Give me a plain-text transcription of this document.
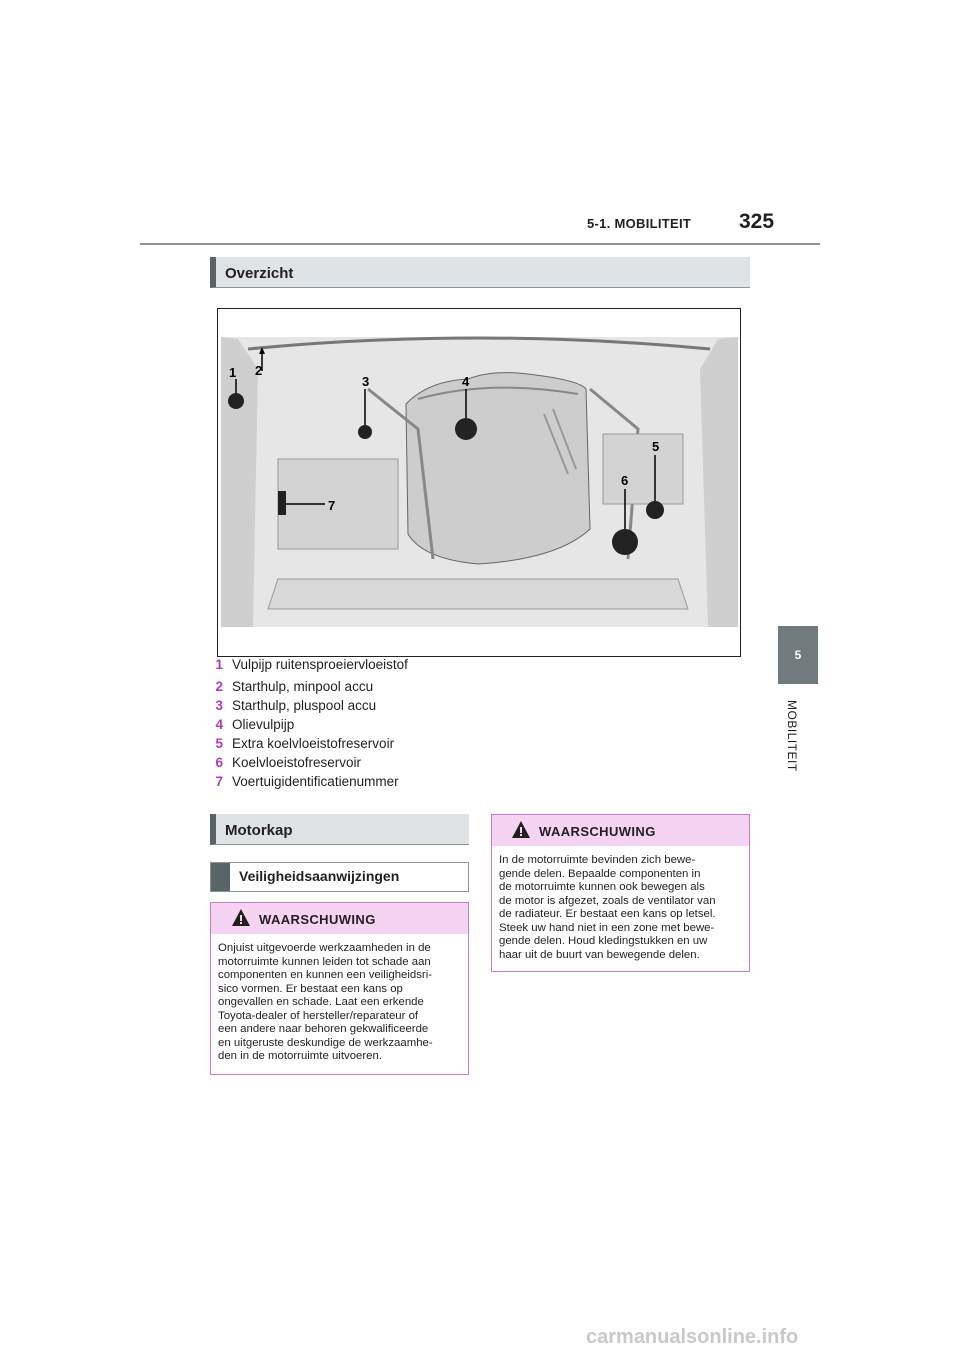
5-1. MOBILITEIT 325
5
MOBILITEIT
Overzicht
1 2
3	4
5
6
7
1 Vulpijp ruitensproeiervloeistof
2 Starthulp, minpool accu
3 Starthulp, pluspool accu
4 Olievulpijp
5 Extra koelvloeistofreservoir
6 Koelvloeistofreservoir
7 Voertuigidentificatienummer
Motorkap
Veiligheidsaanwijzingen
WAARSCHUWING
Onjuist uitgevoerde werkzaamheden in de
motorruimte kunnen leiden tot schade aan
componenten en kunnen een veiligheidsri-
sico vormen. Er bestaat een kans op
ongevallen en schade. Laat een erkende
Toyota-dealer of hersteller/reparateur of
een andere naar behoren gekwalificeerde
en uitgeruste deskundige de werkzaamhe-
den in de motorruimte uitvoeren.
WAARSCHUWING
In de motorruimte bevinden zich bewe-
gende delen. Bepaalde componenten in
de motorruimte kunnen ook bewegen als
de motor is afgezet, zoals de ventilator van
de radiateur. Er bestaat een kans op letsel.
Steek uw hand niet in een zone met bewe-
gende delen. Houd kledingstukken en uw
haar uit de buurt van bewegende delen.
carmanualsonline.info
